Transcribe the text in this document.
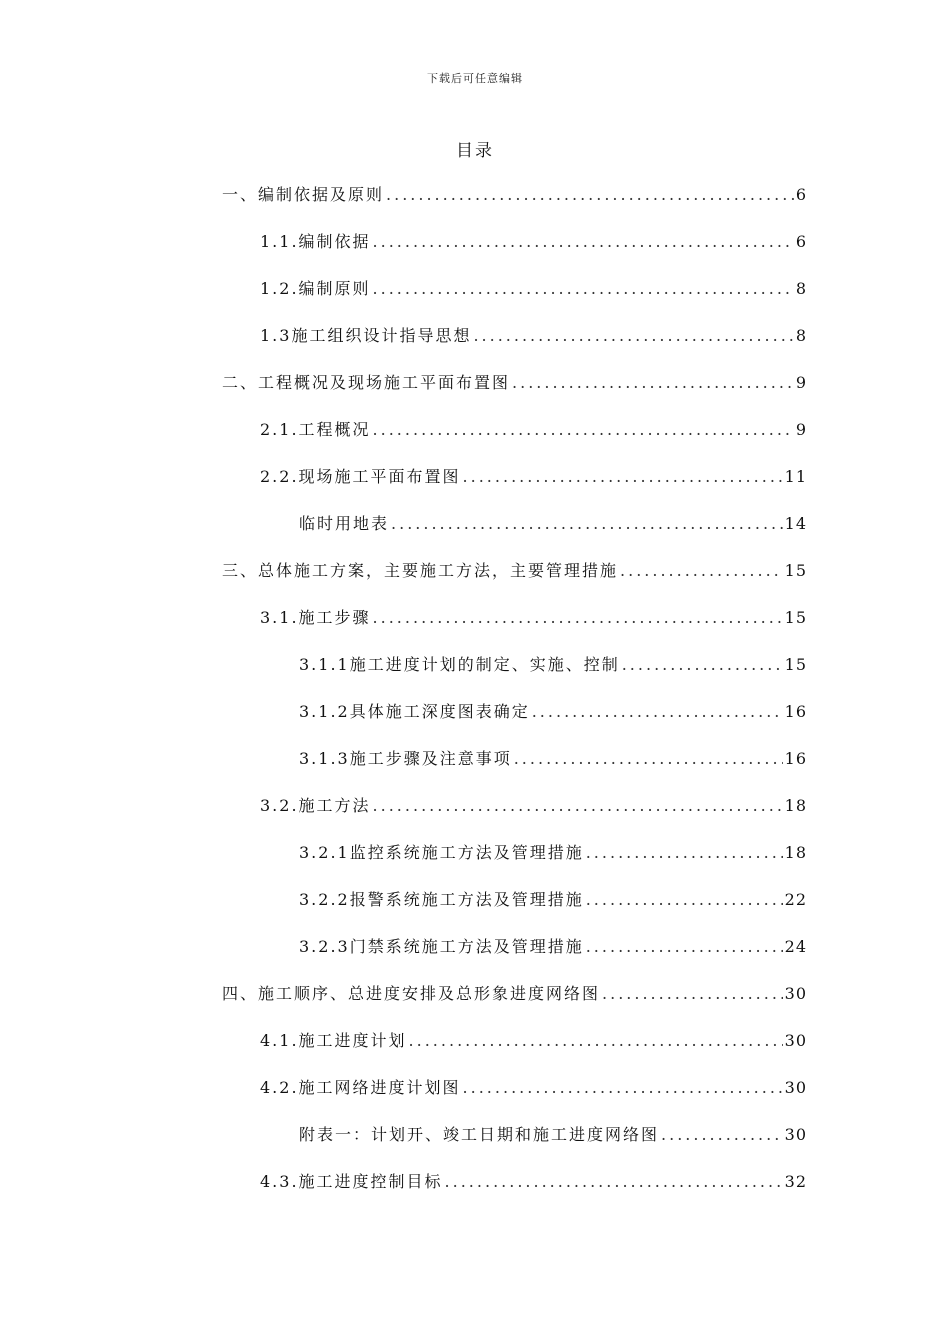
下载后可任意编辑
目录
一、编制依据及原则 .....	6
1.1.编制依据 .....	6
1.2.编制原则 .....	8
1.3施工组织设计指导思想 .....	8
二、工程概况及现场施工平面布置图 .....	9
2.1.工程概况 .....	9
2.2.现场施工平面布置图 .....	11
临时用地表 .....	14
三、总体施工方案，主要施工方法，主要管理措施 .....	15
3.1.施工步骤 .....	15
3.1.1施工进度计划的制定、实施、控制 .....	15
3.1.2具体施工深度图表确定 .....	16
3.1.3施工步骤及注意事项 .....	16
3.2.施工方法 .....	18
3.2.1监控系统施工方法及管理措施 .....	18
3.2.2报警系统施工方法及管理措施 .....	22
3.2.3门禁系统施工方法及管理措施 .....	24
四、施工顺序、总进度安排及总形象进度网络图 .....	30
4.1.施工进度计划 .....	30
4.2.施工网络进度计划图 .....	30
附表一：计划开、竣工日期和施工进度网络图 .....	30
4.3.施工进度控制目标 .....	32
